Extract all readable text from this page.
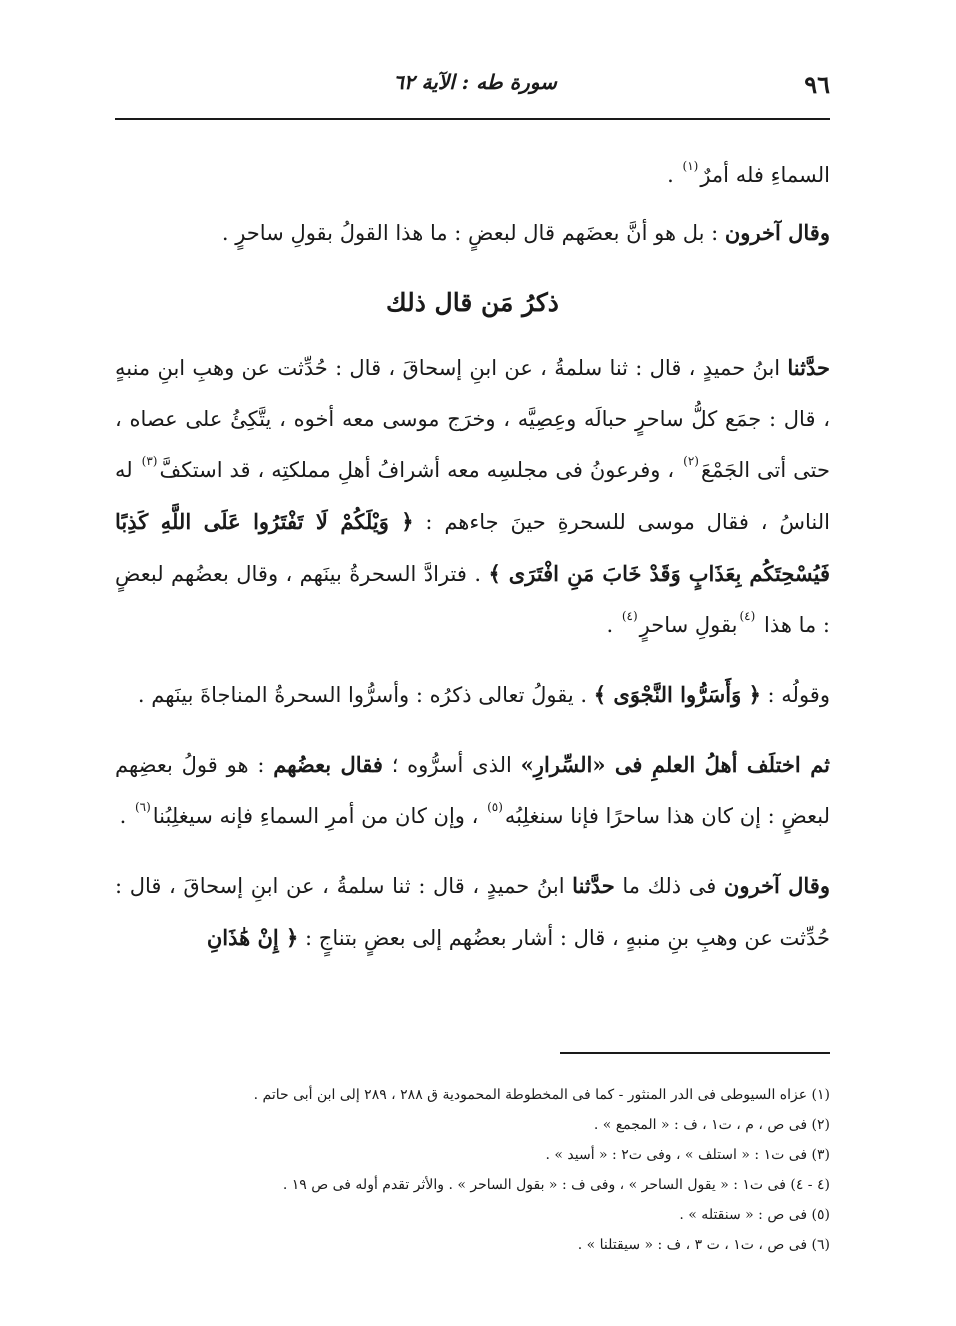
٩٦
سورة طه : الآية ٦٢

السماءِ فله أمرٌ$^{(١)}$ .

وقال آخرون : بل هو أنَّ بعضَهم قال لبعضٍ : ما هذا القولُ بقولِ ساحرٍ .

ذكرُ مَن قال ذلك

حدَّثنا ابنُ حميدٍ ، قال : ثنا سلمةُ ، عن ابنِ إسحاقَ ، قال : حُدِّثت عن وهبِ ابنِ منبهٍ ، قال : جمَع كلُّ ساحرٍ حبالَه وعِصِيَّه ، وخرَج موسى معه أخوه ، يتَّكِئُ على عصاه ، حتى أتى الجَمْعَ$^{(٢)}$ ، وفرعونُ فى مجلسِه معه أشرافُ أهلِ مملكتِه ، قد استكفَّ$^{(٣)}$ له الناسُ ، فقال موسى للسحرةِ حينَ جاءهم : ﴿ وَيْلَكُمْ لَا تَفْتَرُوا عَلَى اللَّهِ كَذِبًا فَيُسْحِتَكُم بِعَذَابٍ وَقَدْ خَابَ مَنِ افْتَرَى ﴾ . فترادَّ السحرةُ بينَهم ، وقال بعضُهم لبعضٍ : ما هذا $^{(٤)}$بقولِ ساحرٍ$^{(٤)}$ .

وقولُه : ﴿ وَأَسَرُّوا النَّجْوَى ﴾ . يقولُ تعالى ذكرُه : وأسرُّوا السحرةُ المناجاةَ بينَهم .

ثم اختلَف أهلُ العلمِ فى «السِّرارِ» الذى أسرُّوه ؛ فقال بعضُهم : هو قولُ بعضِهم لبعضٍ : إن كان هذا ساحرًا فإنا سنغلِبُه$^{(٥)}$ ، وإن كان من أمرِ السماءِ فإنه سيغلِبُنا$^{(٦)}$ .

وقال آخرون فى ذلك ما حدَّثنا ابنُ حميدٍ ، قال : ثنا سلمةُ ، عن ابنِ إسحاقَ ، قال : حُدِّثت عن وهبِ بنِ منبهٍ ، قال : أشار بعضُهم إلى بعضٍ بتناجٍ : ﴿ إِنْ هَٰذَانِ

(١) عزاه السيوطى فى الدر المنثور - كما فى المخطوطة المحمودية ق ٢٨٨ ، ٢٨٩ إلى ابن أبى حاتم .
(٢) فى ص ، م ، ت١ ، ف : « المجمع » .
(٣) فى ت١ : « استلف » ، وفى ت٢ : « أسيد » .
(٤ - ٤) فى ت١ : « يقول الساحر » ، وفى ف : « بقول الساحر » . والأثر تقدم أوله فى ص ١٩ .
(٥) فى ص : « سنقتله » .
(٦) فى ص ، ت١ ، ت ٣ ، ف : « سيقتلنا » .
